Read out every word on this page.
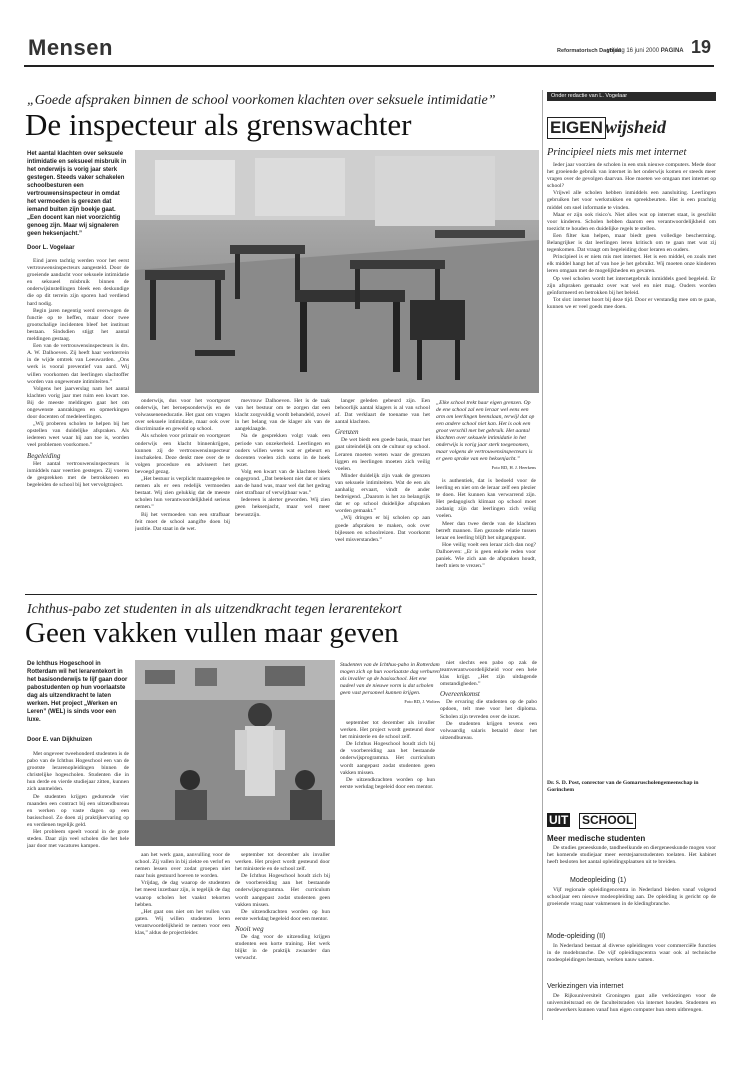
Mensen	Reformatorisch Dagblad
vrijdag 16 juni 2000 PAGINA 19
„Goede afspraken binnen de school voorkomen klachten over seksuele intimidatie”
De inspecteur als grenswachter
Het aantal klachten over seksuele intimidatie en seksueel misbruik in het onderwijs is vorig jaar sterk gestegen. Steeds vaker schakelen schoolbesturen een vertrouwensinspecteur in omdat het vermoeden is gerezen dat iemand buiten zijn boekje gaat. „Een docent kan niet voorzichtig genoeg zijn. Maar wij signaleren geen heksenjacht.”
Door L. Vogelaar

Eind jaren tachtig werden voor het eerst vertrouwensinspecteurs aangesteld. Door de groeiende aandacht voor seksuele intimidatie en seksueel misbruik binnen de onderwijsinstellingen bleek een deskundige die op dit terrein zijn sporen had verdiend hard nodig.

Begin jaren negentig werd overwogen de functie op te heffen, maar door twee grootschalige incidenten bleef het instituut bestaan. Sindsdien stijgt het aantal meldingen gestaag.

Een van de vertrouwensinspecteurs is drs. A. W. Dalhoeven. Zij heeft haar werkterrein in de wijde omtrek van Leeuwarden. „Ons werk is vooral preventief van aard. Wij willen voorkomen dat leerlingen slachtoffer worden van ongewenste intimiteiten.”

Volgens het jaarverslag nam het aantal klachten vorig jaar met ruim een kwart toe. Bij de meeste meldingen gaat het om ongewenste aanrakingen en opmerkingen door docenten of medeleerlingen.

„Wij proberen scholen te helpen bij het opstellen van duidelijke afspraken. Als iedereen weet waar hij aan toe is, worden veel problemen voorkomen.”

Begeleiding

Het aantal vertrouwensinspecteurs is inmiddels naar veertien gestegen. Zij voeren de gesprekken met de betrokkenen en begeleiden de school bij het vervolgtraject.

onderwijs, dus voor het voortgezet onderwijs, het beroepsonderwijs en de volwasseneneducatie. Het gaat om vragen over seksuele intimidatie, maar ook over discriminatie en geweld op school.

Als scholen voor primair en voortgezet onderwijs een klacht binnenkrijgen, kunnen zij de vertrouwensinspecteur inschakelen. Deze denkt mee over de te volgen procedure en adviseert het bevoegd gezag.

„Het bestuur is verplicht maatregelen te nemen als er een redelijk vermoeden bestaat. Wij zien gelukkig dat de meeste scholen hun verantwoordelijkheid serieus nemen.”

Bij het vermoeden van een strafbaar feit moet de school aangifte doen bij justitie. Dat staat in de wet.

mevrouw Dalhoeven. Het is de taak van het bestuur om te zorgen dat een klacht zorgvuldig wordt behandeld, zowel in het belang van de klager als van de aangeklaagde.

Na de gesprekken volgt vaak een periode van onzekerheid. Leerlingen en ouders willen weten wat er gebeurt en docenten voelen zich soms in de hoek gezet.

Volg een kwart van de klachten bleek ongegrond. „Dat betekent niet dat er niets aan de hand was, maar wel dat het gedrag niet strafbaar of verwijtbaar was.”

Iedereen is alerter geworden. Wij zien geen heksenjacht, maar wel meer bewustzijn.

langer geleden gebeurd zijn. Een behoorlijk aantal klagers is al van school af. Dat verklaart de toename van het aantal klachten.

Grenzen

De wet biedt een goede basis, maar het gaat uiteindelijk om de cultuur op school. Leraren moeten weten waar de grenzen liggen en leerlingen moeten zich veilig voelen.

Minder duidelijk zijn vaak de grenzen van seksuele intimiteiten. Wat de een als aanhalig ervaart, vindt de ander bedreigend. „Daarom is het zo belangrijk dat er op school duidelijke afspraken worden gemaakt.”

„Wij dringen er bij scholen op aan goede afspraken te maken, ook over bijlessen en schoolreizen. Dat voorkomt veel misverstanden.”

„Elke school trekt haar eigen grenzen. Op de ene school zal een leraar wel eens een arm om leerlingen heenslaan, terwijl dat op een andere school niet kan. Het is ook een groot verschil met het gebruik. Het aantal klachten over seksuele intimidatie in het onderwijs is vorig jaar sterk toegenomen, maar volgens de vertrouwensinspecteurs is er geen sprake van een heksenjacht.”
Foto RD, H. J. Heerkens

is authentiek, dat is bedoeld voor de leerling en niet om de leraar zelf een plezier te doen. Het kunnen kan verwarrend zijn. Het pedagogisch klimaat op school moet zodanig zijn dat leerlingen zich veilig voelen.

Meer dan twee derde van de klachten betreft mannen. Een gezonde relatie tussen leraar en leerling blijft het uitgangspunt.

Hoe veilig voelt een leraar zich dan nog? Dalhoeven: „Er is geen enkele reden voor paniek. Wie zich aan de afspraken houdt, heeft niets te vrezen.”

Ichthus-pabo zet studenten in als uitzendkracht tegen lerarentekort
Geen vakken vullen maar geven
De Ichthus Hogeschool in Rotterdam wil het lerarentekort in het basisonderwijs te lijf gaan door pabostudenten op hun voorlaatste dag als uitzendkracht te laten werken. Het project „Werken en Leren” (WEL) is sinds voor een luxe.
Door E. van Dijkhuizen

Met ongeveer tweehonderd studenten is de pabo van de Ichthus Hogeschool een van de grootste lerarenopleidingen binnen de christelijke hogescholen. Studenten die in hun derde en vierde studiejaar zitten, kunnen zich aanmelden.

De studenten krijgen gedurende vier maanden een contract bij een uitzendbureau en werken op vaste dagen op een basisschool. Zo doen zij praktijkervaring op en verdienen tegelijk geld.

Het probleem speelt vooral in de grote steden. Daar zijn veel scholen die het hele jaar door met vacatures kampen.

Studenten van de Ichthus-pabo in Rotterdam mogen zich op hun voorlaatste dag verhuren als invaller op de basisschool. Het ene nadeel van de nieuwe vorm is dat scholen geen vast personeel kunnen krijgen.
Foto RD, J. Wolters

aan het werk gaan, aanvulling voor de school. Zij vallen in bij ziekte en verlof en nemen lessen over zodat groepen niet naar huis gestuurd hoeven te worden.

Vrijdag, de dag waarop de studenten het meest inzetbaar zijn, is tegelijk de dag waarop scholen het vaakst tekorten hebben.

„Het gaat ons niet om het vullen van gaten. Wij willen studenten leren verantwoordelijkheid te nemen voor een klas,” aldus de projectleider.

september tot december als invaller werken. Het project wordt gesteund door het ministerie en de school zelf.

De Ichthus Hogeschool houdt zich bij de voorbereiding aan het bestaande onderwijsprogramma. Het curriculum wordt aangepast zodat studenten geen vakken missen.

De uitzendkrachten worden op hun eerste werkdag begeleid door een mentor.

Nooit weg

De dag voor de uitzending krijgen studenten een korte training. Het werk blijkt in de praktijk zwaarder dan verwacht.

september tot december als invaller werken. Het project wordt gesteund door het ministerie en de school zelf.

De Ichthus Hogeschool houdt zich bij de voorbereiding aan het bestaande onderwijsprogramma. Het curriculum wordt aangepast zodat studenten geen vakken missen.

De uitzendkrachten worden op hun eerste werkdag begeleid door een mentor.

niet slechts een pabo op zak de teamverantwoordelijkheid voor een hele klas krijgt. „Het zijn uitdagende omstandigheden.”

Overeenkomst

De ervaring die studenten op de pabo opdoen, telt mee voor het diploma. Scholen zijn tevreden over de inzet.

De studenten krijgen tevens een volwaardig salaris betaald door het uitzendbureau.

Onder redactie van L. Vogelaar
EIGEN wijsheid
Principieel niets mis met internet

Ieder jaar voorzien de scholen in een stuk nieuwe computers. Mede door het groeiende gebruik van internet in het onderwijs komen er steeds meer vragen over de gevolgen daarvan. Hoe moeten we omgaan met internet op school?

Vrijwel alle scholen hebben inmiddels een aansluiting. Leerlingen gebruiken het voor werkstukken en spreekbeurten. Het is een prachtig middel om snel informatie te vinden.

Maar er zijn ook risico's. Niet alles wat op internet staat, is geschikt voor kinderen. Scholen hebben daarom een verantwoordelijkheid om toezicht te houden en duidelijke regels te stellen.

Een filter kan helpen, maar biedt geen volledige bescherming. Belangrijker is dat leerlingen leren kritisch om te gaan met wat zij tegenkomen. Dat vraagt om begeleiding door leraren en ouders.

Principieel is er niets mis met internet. Het is een middel, en zoals met elk middel hangt het af van hoe je het gebruikt. Wij moeten onze kinderen leren omgaan met de mogelijkheden en gevaren.

Op veel scholen wordt het internetgebruik inmiddels goed begeleid. Er zijn afspraken gemaakt over wat wel en niet mag. Ouders worden geïnformeerd en betrokken bij het beleid.

Tot slot: internet hoort bij deze tijd. Door er verstandig mee om te gaan, kunnen we er veel goeds mee doen.

Dr. S. D. Post, conrector van de Gomaruscholengemeenschap in Gorinchem
UIT SCHOOL
Meer medische studenten

De studies geneeskunde, tandheelkunde en diergeneeskunde mogen voor het komende studiejaar meer eerstejaarsstudenten toelaten. Het kabinet heeft besloten het aantal opleidingsplaatsen uit te breiden.

Modeopleiding (1)

Vijf regionale opleidingencentra in Nederland bieden vanaf volgend schooljaar een nieuwe modeopleiding aan. De opleiding is gericht op de groeiende vraag naar vakmensen in de kledingbranche.

Mode-opleiding (II)

In Nederland bestaat al diverse opleidingen voor commerciële functies in de modebranche. De vijf opleidingscentra waar ook al technische modeopleidingen bestaan, werken nauw samen.

Verkiezingen via internet

De Rijksuniversiteit Groningen gaat alle verkiezingen voor de universiteitsraad en de faculteitsraden via internet houden. Studenten en medewerkers kunnen vanaf hun eigen computer hun stem uitbrengen.
